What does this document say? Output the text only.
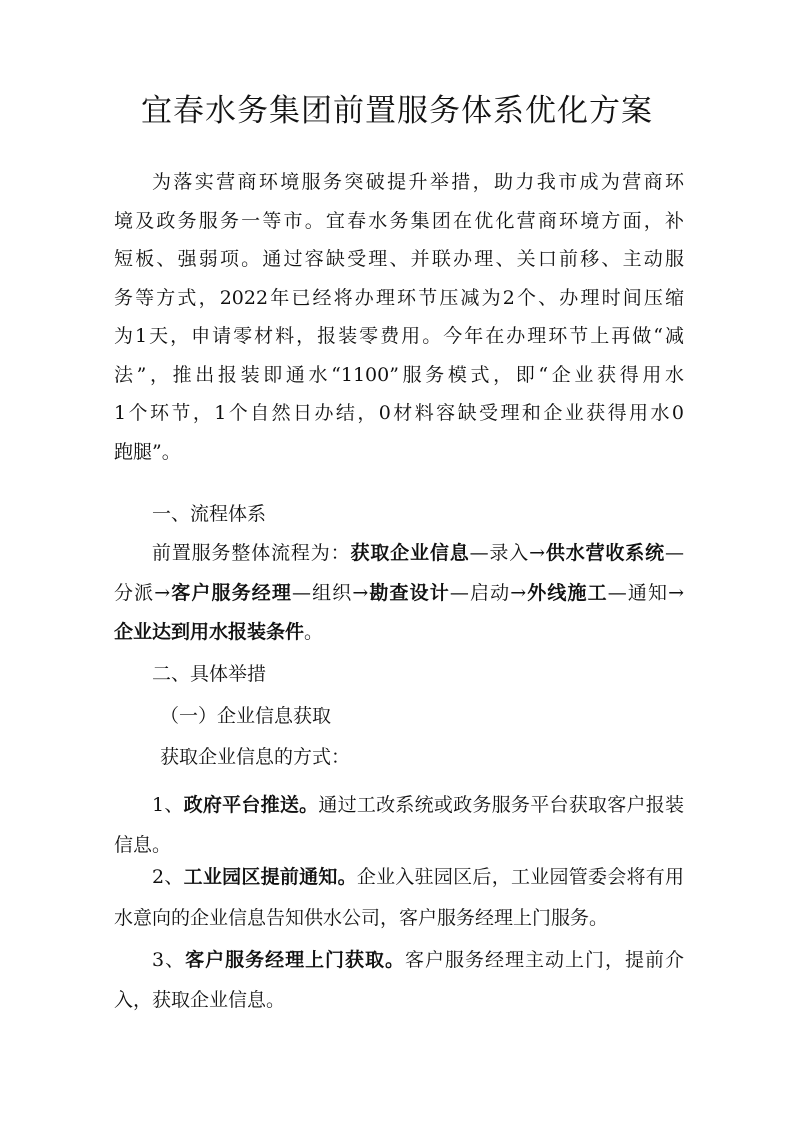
宜春水务集团前置服务体系优化方案
为落实营商环境服务突破提升举措，助力我市成为营商环
境及政务服务一等市。宜春水务集团在优化营商环境方面，补
短板、强弱项。通过容缺受理、并联办理、关口前移、主动服
务等方式，2022年已经将办理环节压减为2个、办理时间压缩
为1天，申请零材料，报装零费用。今年在办理环节上再做“减
法”，推出报装即通水“1100”服务模式，即“企业获得用水
1个环节，1个自然日办结，0材料容缺受理和企业获得用水0
跑腿”。
一、流程体系
前置服务整体流程为：获取企业信息—录入→供水营收系统—
分派→客户服务经理—组织→勘查设计—启动→外线施工—通知→
企业达到用水报装条件。
二、具体举措
（一）企业信息获取
获取企业信息的方式：
1、政府平台推送。通过工改系统或政务服务平台获取客户报装
信息。
2、工业园区提前通知。企业入驻园区后，工业园管委会将有用
水意向的企业信息告知供水公司，客户服务经理上门服务。
3、客户服务经理上门获取。客户服务经理主动上门，提前介
入，获取企业信息。
